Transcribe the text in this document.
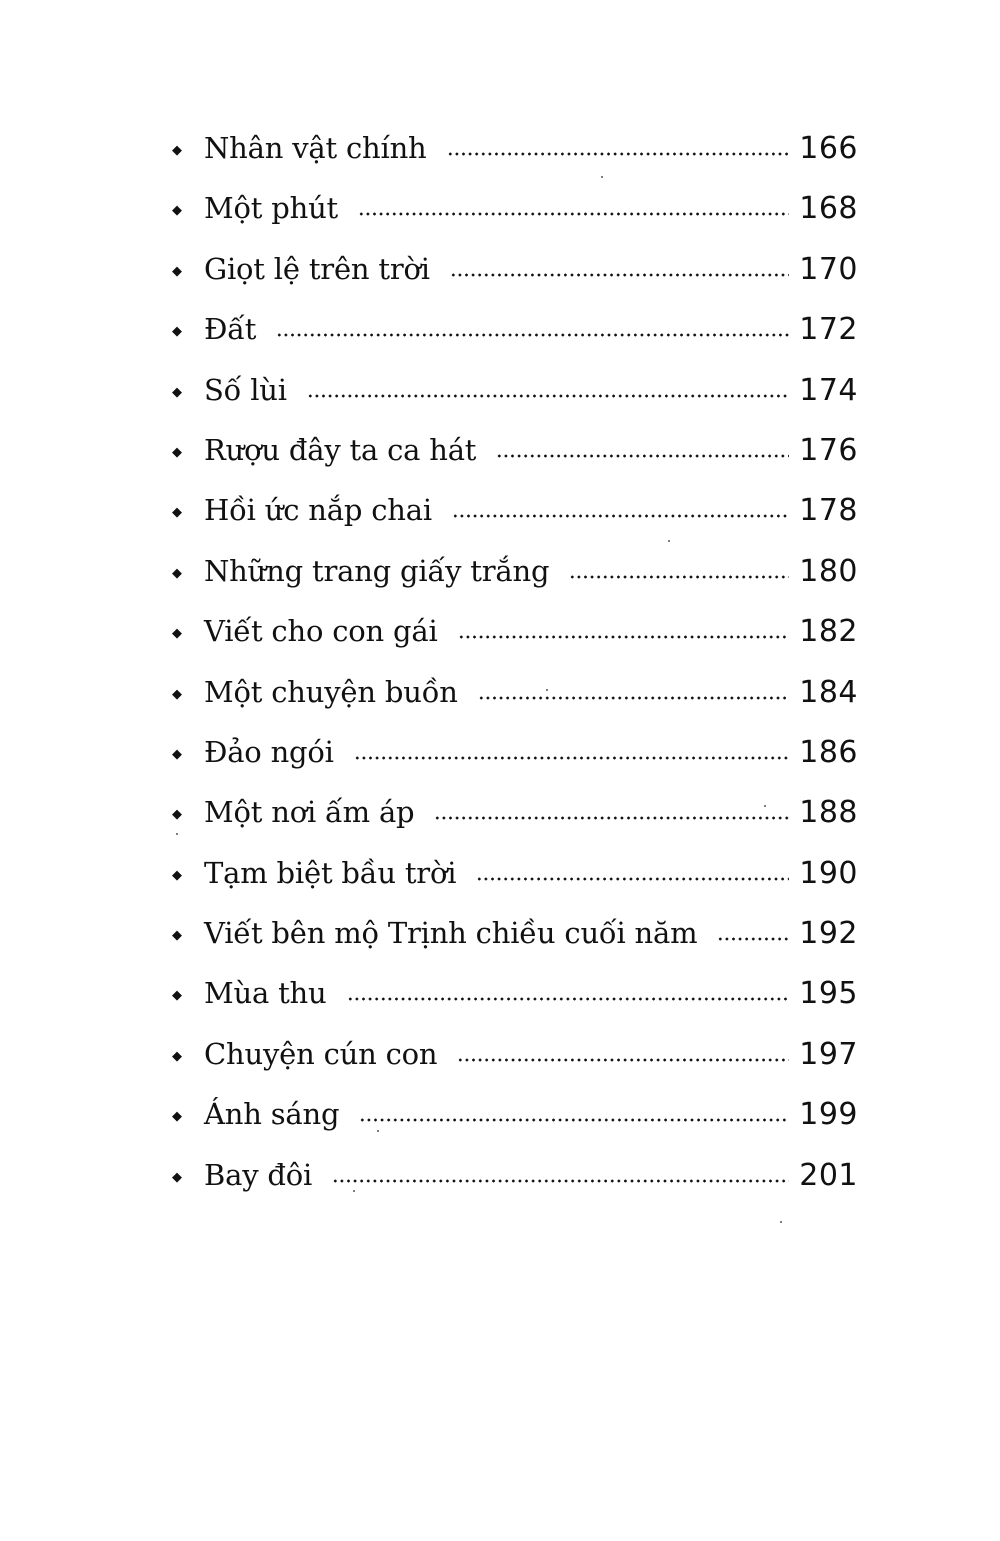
◆ Nhân vật chính	166
◆ Một phút	168
◆ Giọt lệ trên trời	170
◆ Đất	172
◆ Số lùi	174
◆ Rượu đây ta ca hát	176
◆ Hồi ức nắp chai	178
◆ Những trang giấy trắng	180
◆ Viết cho con gái	182
◆ Một chuyện buồn	184
◆ Đảo ngói	186
◆ Một nơi ấm áp	188
◆ Tạm biệt bầu trời	190
◆ Viết bên mộ Trịnh chiều cuối năm	192
◆ Mùa thu	195
◆ Chuyện cún con	197
◆ Ánh sáng	199
◆ Bay đôi	201
